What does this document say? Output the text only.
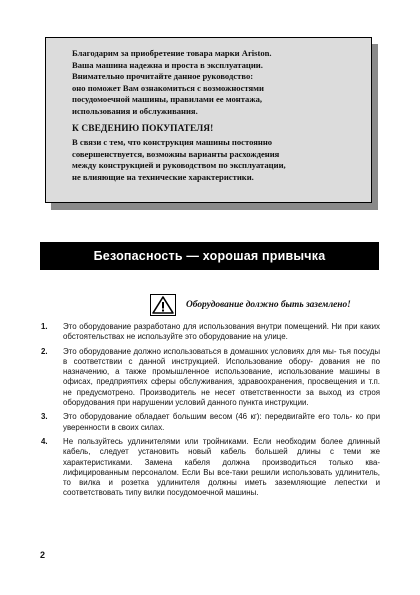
Благодарим за приобретение товара марки Ariston.
Ваша машина надежна и проста в эксплуатации.
Внимательно прочитайте данное руководство:
оно поможет Вам ознакомиться с возможностями
посудомоечной машины, правилами ее монтажа,
использования и обслуживания.

К СВЕДЕНИЮ ПОКУПАТЕЛЯ!

В связи с тем, что конструкция машины постоянно
совершенствуется, возможны варианты расхождения
между конструкцией и руководством по эксплуатации,
не влияющие на технические характеристики.

Безопасность — хорошая привычка
Оборудование должно быть заземлено!
1.	Это оборудование разработано для использования внутри помещений. Ни при каких обстоятельствах не используйте это оборудование на улице.
2.	Это оборудование должно использоваться в домашних условиях для мы- тья посуды в соответствии с данной инструкцией. Использование обору- дования не по назначению, а также промышленное использование, использование машины в офисах, предприятиях сферы обслуживания, здравоохранения, просвещения и т.п. не предусмотрено. Производитель не несет ответственности за выход из строя оборудования при нарушении условий данного пункта инструкции.
3.	Это оборудование обладает большим весом (46 кг): передвигайте его толь- ко при уверенности в своих силах.
4.	Не пользуйтесь удлинителями или тройниками. Если необходим более длинный кабель, следует установить новый кабель большей длины с теми же характеристиками. Замена кабеля должна производиться только ква- лифицированным персоналом. Если Вы все-таки решили использовать удлинитель, то вилка и розетка удлинителя должны иметь заземляющие лепестки и соответствовать типу вилки посудомоечной машины.
2
